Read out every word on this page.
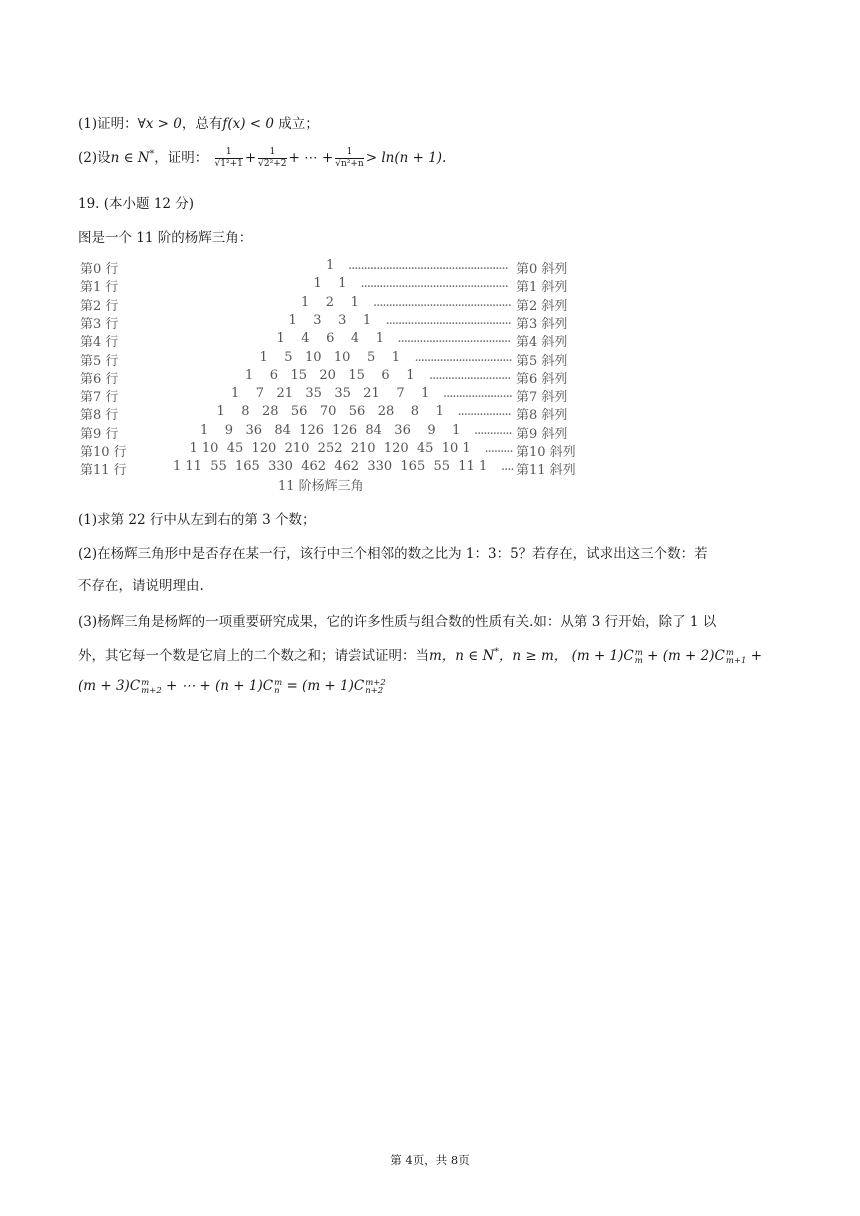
(1)证明：∀x > 0，总有f(x) < 0 成立；
(2)设n ∈ N*，证明： $\frac{1}{\text{√1²+1}} + \frac{1}{\text{√2²+2}}$ + ⋯ + $\frac{1}{\text{√n²+n}} > \ln(n + 1)$.
19. (本小题 12 分)
图是一个 11 阶的杨辉三角：
第0 行	1 ................................................... 第0 斜列
第1 行	1    1 ............................................... 第1 斜列
第2 行	1    2    1 ............................................ 第2 斜列
第3 行	1    3    3    1 ........................................ 第3 斜列
第4 行	1    4    6    4    1 .................................... 第4 斜列
第5 行	1    5   10   10    5    1 ............................... 第5 斜列
第6 行	1    6   15   20   15    6    1 .......................... 第6 斜列
第7 行	1    7   21   35   35   21    7    1 ...................... 第7 斜列
第8 行	1    8   28   56   70   56   28    8    1 ................. 第8 斜列
第9 行	1    9   36   84  126  126  84   36    9    1 ............ 第9 斜列
第10 行	1 10  45  120  210  252  210  120  45  10 1 ......... 第10 斜列
第11 行	1 11  55  165  330  462  462  330  165  55  11 1 .... 第11 斜列
11 阶杨辉三角
(1)求第 22 行中从左到右的第 3 个数；
(2)在杨辉三角形中是否存在某一行，该行中三个相邻的数之比为 1：3：5？若存在，试求出这三个数：若
不存在，请说明理由.
(3)杨辉三角是杨辉的一项重要研究成果，它的许多性质与组合数的性质有关.如：从第 3 行开始，除了 1 以
外，其它每一个数是它肩上的二个数之和；请尝试证明：当m，n ∈ N*，n ≥ m， (m + 1)C m
m + (m + 2)C m
m+1 +
(m + 3)C m
m+2 + ⋯ + (n + 1)C m
n = (m + 1)C m+2
n+2
第 4页，共 8页
